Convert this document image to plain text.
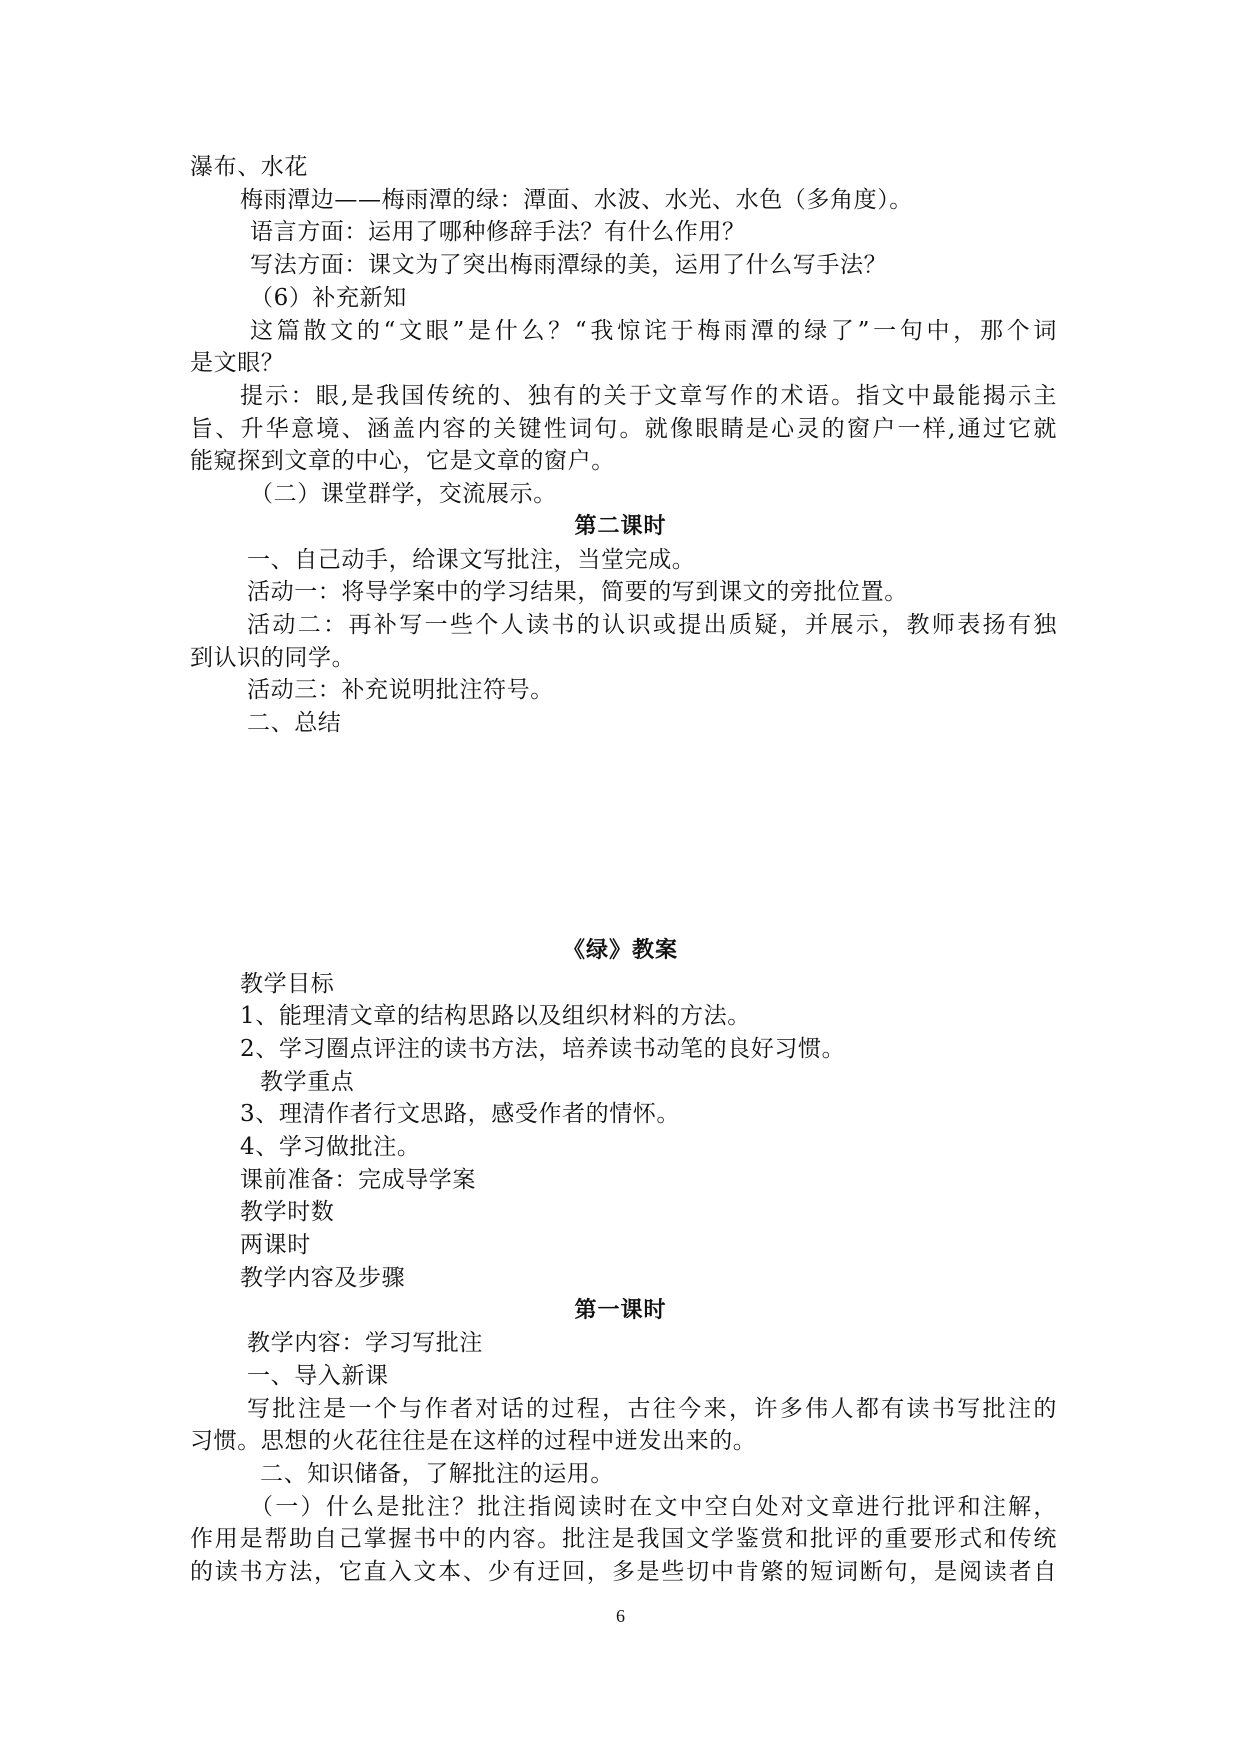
瀑布、水花
梅雨潭边——梅雨潭的绿：潭面、水波、水光、水色（多角度）。
语言方面：运用了哪种修辞手法？有什么作用？
写法方面：课文为了突出梅雨潭绿的美，运用了什么写手法？
（6）补充新知
这篇散文的“文眼”是什么？“我惊诧于梅雨潭的绿了”一句中，那个词
是文眼？
提示：眼,是我国传统的、独有的关于文章写作的术语。指文中最能揭示主
旨、升华意境、涵盖内容的关键性词句。就像眼睛是心灵的窗户一样,通过它就
能窥探到文章的中心，它是文章的窗户。
（二）课堂群学，交流展示。
第二课时
一、自己动手，给课文写批注，当堂完成。
活动一：将导学案中的学习结果，简要的写到课文的旁批位置。
活动二：再补写一些个人读书的认识或提出质疑，并展示，教师表扬有独
到认识的同学。
活动三：补充说明批注符号。
二、总结
《绿》教案
教学目标
1、能理清文章的结构思路以及组织材料的方法。
2、学习圈点评注的读书方法，培养读书动笔的良好习惯。
教学重点
3、理清作者行文思路，感受作者的情怀。
4、学习做批注。
课前准备：完成导学案
教学时数
两课时
教学内容及步骤
第一课时
教学内容：学习写批注
一、导入新课
写批注是一个与作者对话的过程，古往今来，许多伟人都有读书写批注的
习惯。思想的火花往往是在这样的过程中迸发出来的。
二、知识储备，了解批注的运用。
（一）什么是批注？批注指阅读时在文中空白处对文章进行批评和注解，
作用是帮助自己掌握书中的内容。批注是我国文学鉴赏和批评的重要形式和传统
的读书方法，它直入文本、少有迂回，多是些切中肯綮的短词断句，是阅读者自
6
